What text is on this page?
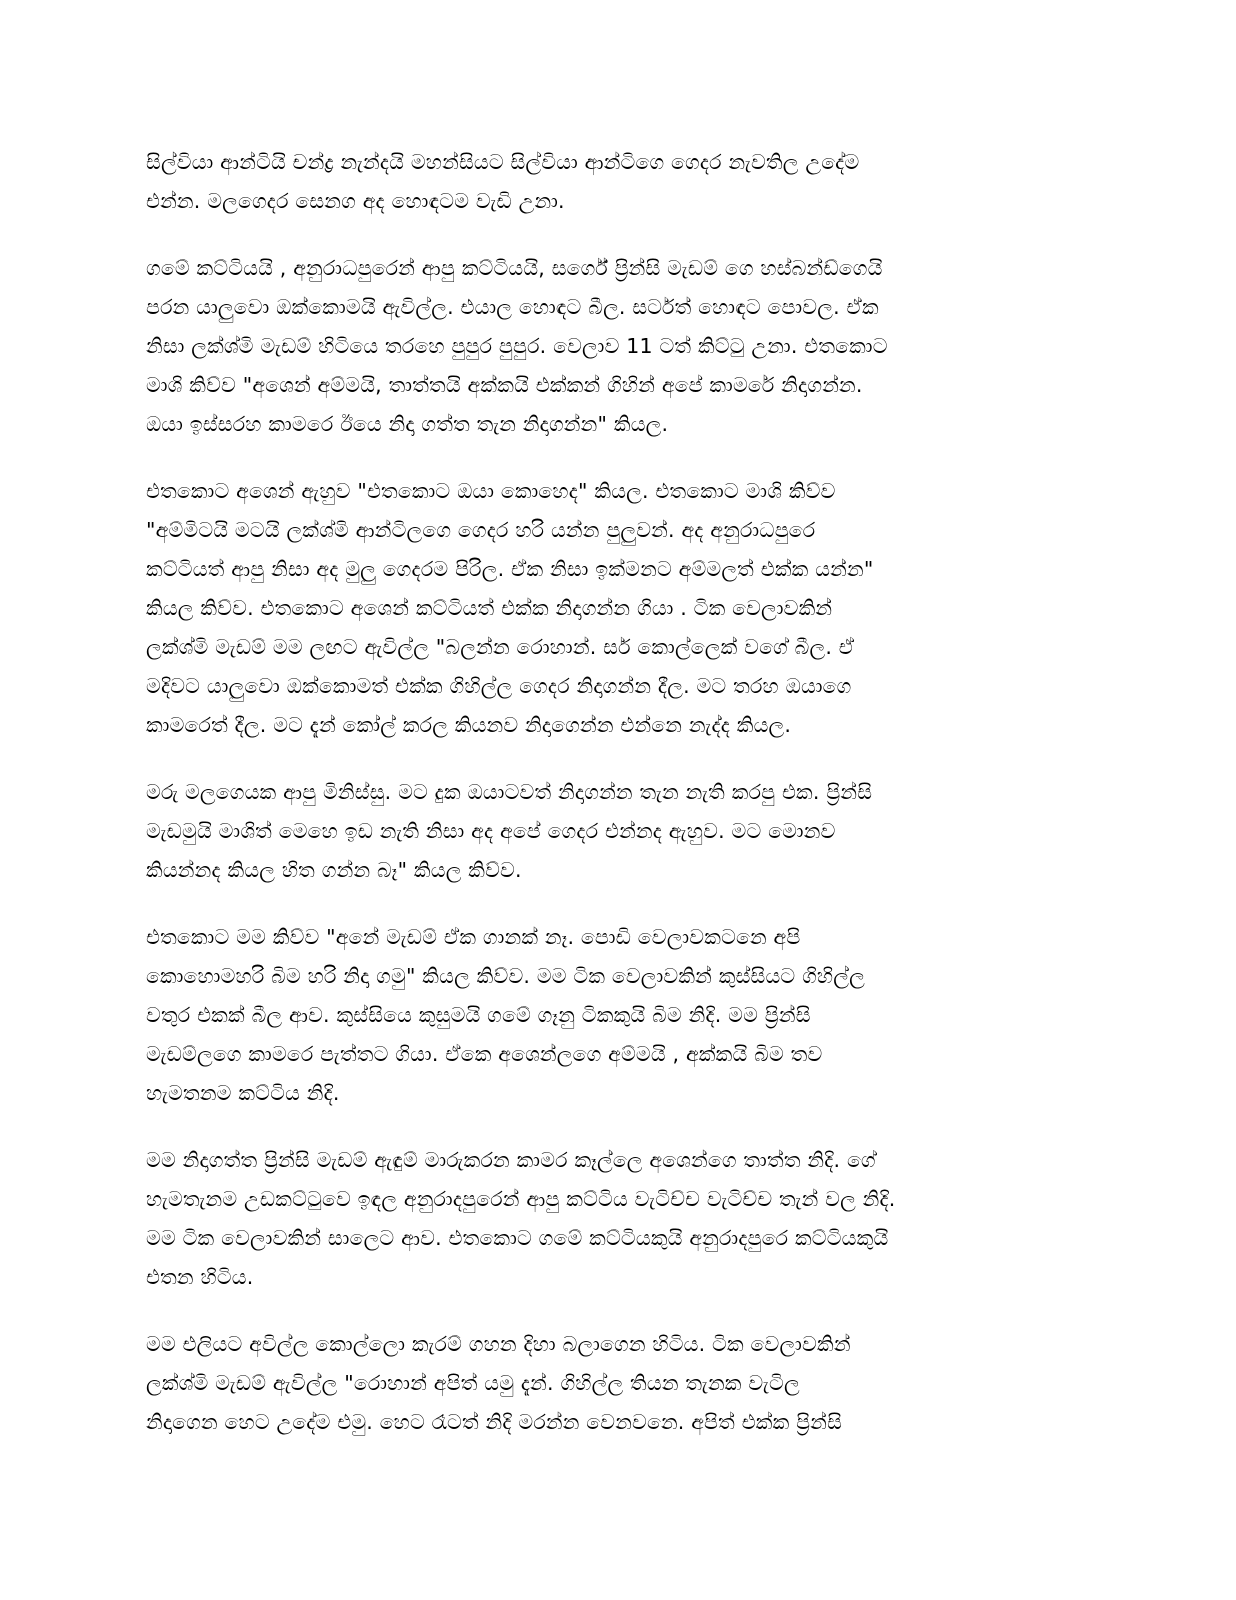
සිල්වියා ආන්ටියි චන්ද්‍ර නැන්දයි මහන්සියට සිල්වියා ආන්ටිගෙ ගෙදර නැවතිල උදේම
එන්න. මලගෙදර සෙනග අද හොඳටම වැඩි උනා.

ගමේ කට්ටියයි , අනුරාධපුරෙන් ආපු කට්ටියයි, සර්ගේ ප්‍රින්සි මැඩම් ගෙ හස්බන්ඩ්ගෙයි
පරන යාලුවො ඔක්කොමයි ඇවිල්ල. එයාල හොඳට බීල. සර්ටත් හොඳට පොවල. ඒක
නිසා ලක්ශ්මි මැඩම් හිටියෙ තරහෙ පුපුර පුපුර. වෙලාව 11 ටත් කිට්ටු උනා. එතකොට
මාශි කිව්ව "අශෙන් අම්මයි, තාත්තයි අක්කයි එක්කන් ගිහින් අපේ කාමරේ නිදාගන්න.
ඔයා ඉස්සරහ කාමරෙ ඊයෙ නිදා ගත්ත තැන නිදාගන්න" කියල.

එතකොට අශෙන් ඇහුව "එතකොට ඔයා කොහෙද" කියල. එතකොට මාශි කිව්ව
"අම්මිටයි මටයි ලක්ශ්මි ආන්ටිලගෙ ගෙදර හරි යන්න පුලුවන්. අද අනුරාධපුරෙ
කට්ටියත් ආපු නිසා අද මුලු ගෙදරම පිරිල. ඒක නිසා ඉක්මනට අම්මලත් එක්ක යන්න"
කියල කිව්ව. එතකොට අශෙන් කට්ටියත් එක්ක නිදාගන්න ගියා . ටික වෙලාවකින්
ලක්ශ්මි මැඩම් මම ලඟට ඇවිල්ල "බලන්න රොහාන්. සර් කොල්ලෙක් වගේ බීල. ඒ
මදිවට යාලුවො ඔක්කොමත් එක්ක ගිහිල්ල ගෙදර නිදාගන්න දීල. මට තරහ ඔයාගෙ
කාමරෙත් දීල. මට දැන් කෝල් කරල කියනව නිදාගෙන්න එන්නෙ නැද්ද කියල.

මරු මලගෙයක ආපු මිනිස්සු. මට දුක ඔයාටවත් නිදාගන්න තැන නැති කරපු එක. ප්‍රින්සි
මැඩමුයි මාශිත් මෙහෙ ඉඩ නැති නිසා අද අපේ ගෙදර එන්නද ඇහුව. මට මොනව
කියන්නද කියල හිත ගන්න බෑ" කියල කිව්ව.

එතකොට මම කිව්ව "අනේ මැඩම් ඒක ගානක් නෑ. පොඩි වෙලාවකටනෙ අපි
කොහොමහරි බිම හරි නිදා ගමු" කියල කිව්ව. මම ටික වෙලාවකින් කුස්සියට ගිහිල්ල
වතුර එකක් බීල ආව. කුස්සියෙ කුසුමයි ගමේ ගෑනු ටිකකුයි බිම නිදි. මම ප්‍රින්සි
මැඩම්ලගෙ කාමරෙ පැත්තට ගියා. ඒකෙ අශෙන්ලගෙ අම්මයි , අක්කයි බිම තව
හැමතනම කට්ටිය නිදි.

මම නිදාගත්ත ප්‍රින්සි මැඩම් ඇඳුම් මාරුකරන කාමර කෑල්ලෙ අශෙන්ගෙ තාත්ත නිදි. ගේ
හැමතැනම උඩකට්ටුවෙ ඉඳල අනුරාදපුරෙන් ආපු කට්ටිය වැටිච්ච වැටිච්ච තැන් වල නිදි.
මම ටික වෙලාවකින් සාලෙට ආව. එතකොට ගමේ කට්ටියකුයි අනුරාදපුරෙ කට්ටියකුයි
එතන හිටිය.

මම එලියට අවිල්ල කොල්ලො කැරම් ගහන දිහා බලාගෙන හිටිය. ටික වෙලාවකින්
ලක්ශ්මි මැඩම් ඇවිල්ල "රොහාන් අපිත් යමු දැන්. ගිහිල්ල තියන තැනක වැටිල
නිදාගෙන හෙට උදේම එමු. හෙට රෑටත් නිදි මරන්න වෙනවනෙ. අපිත් එක්ක ප්‍රින්සි
